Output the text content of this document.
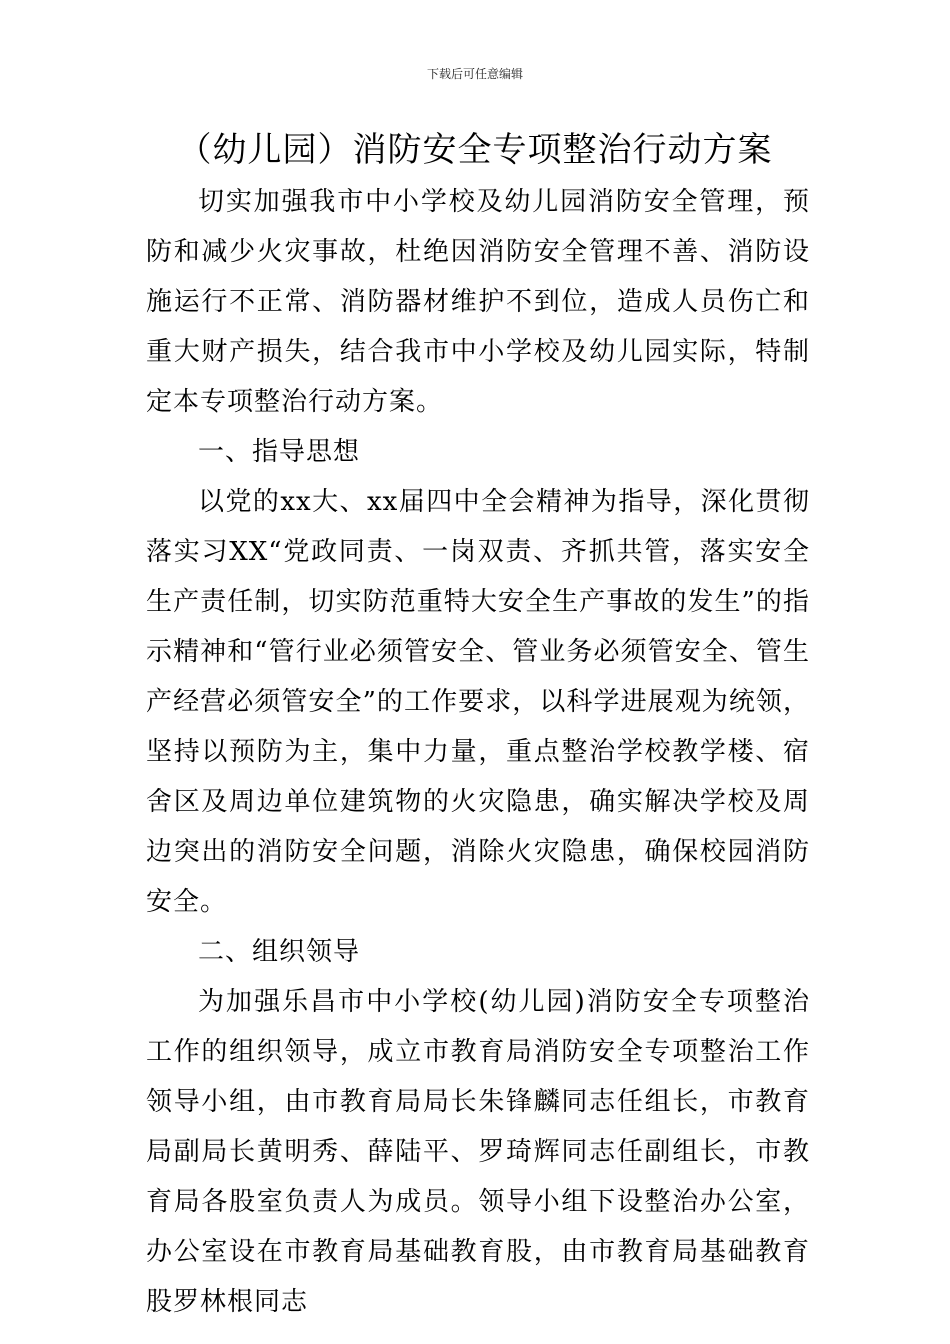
下载后可任意编辑
（幼儿园）消防安全专项整治行动方案

切实加强我市中小学校及幼儿园消防安全管理，预防和减少火灾事故，杜绝因消防安全管理不善、消防设施运行不正常、消防器材维护不到位，造成人员伤亡和重大财产损失，结合我市中小学校及幼儿园实际，特制定本专项整治行动方案。

一、指导思想

以党的xx大、xx届四中全会精神为指导，深化贯彻落实习XX“党政同责、一岗双责、齐抓共管，落实安全生产责任制，切实防范重特大安全生产事故的发生”的指示精神和“管行业必须管安全、管业务必须管安全、管生产经营必须管安全”的工作要求，以科学进展观为统领，坚持以预防为主，集中力量，重点整治学校教学楼、宿舍区及周边单位建筑物的火灾隐患，确实解决学校及周边突出的消防安全问题，消除火灾隐患，确保校园消防安全。

二、组织领导

为加强乐昌市中小学校(幼儿园)消防安全专项整治工作的组织领导，成立市教育局消防安全专项整治工作领导小组，由市教育局局长朱锋麟同志任组长，市教育局副局长黄明秀、薛陆平、罗琦辉同志任副组长，市教育局各股室负责人为成员。领导小组下设整治办公室，办公室设在市教育局基础教育股，由市教育局基础教育股罗林根同志
